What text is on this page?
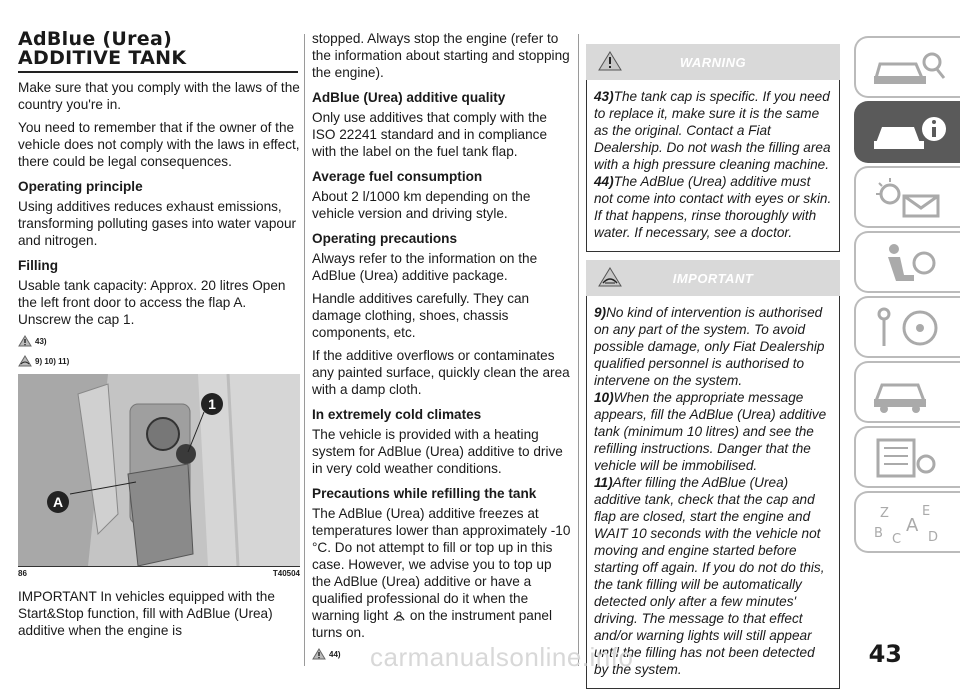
AdBlue (Urea)
ADDITIVE TANK

Make sure that you comply with the laws of the country you're in.

You need to remember that if the owner of the vehicle does not comply with the laws in effect, there could be legal consequences.

Operating principle

Using additives reduces exhaust emissions, transforming polluting gases into water vapour and nitrogen.

Filling

Usable tank capacity: Approx. 20 litres Open the left front door to access the flap A. Unscrew the cap 1.

43)
9) 10) 11)
1
A
86	T40504

IMPORTANT In vehicles equipped with the Start&Stop function, fill with AdBlue (Urea) additive when the engine is

stopped. Always stop the engine (refer to the information about starting and stopping the engine).

AdBlue (Urea) additive quality

Only use additives that comply with the ISO 22241 standard and in compliance with the label on the fuel tank flap.

Average fuel consumption

About 2 l/1000 km depending on the vehicle version and driving style.

Operating precautions

Always refer to the information on the AdBlue (Urea) additive package.

Handle additives carefully. They can damage clothing, shoes, chassis components, etc.

If the additive overflows or contaminates any painted surface, quickly clean the area with a damp cloth.

In extremely cold climates

The vehicle is provided with a heating system for AdBlue (Urea) additive to drive in very cold weather conditions.

Precautions while refilling the tank

The AdBlue (Urea) additive freezes at temperatures lower than approximately -10 °C. Do not attempt to fill or top up in this case. However, we advise you to top up the AdBlue (Urea) additive or have a qualified professional do it when the warning light on the instrument panel turns on.

44)
WARNING

43)The tank cap is specific. If you need to replace it, make sure it is the same as the original. Contact a Fiat Dealership. Do not wash the filling area with a high pressure cleaning machine.

44)The AdBlue (Urea) additive must not come into contact with eyes or skin. If that happens, rinse thoroughly with water. If necessary, see a doctor.

IMPORTANT

9)No kind of intervention is authorised on any part of the system. To avoid possible damage, only Fiat Dealership qualified personnel is authorised to intervene on the system.

10)When the appropriate message appears, fill the AdBlue (Urea) additive tank (minimum 10 litres) and see the refilling instructions. Danger that the vehicle will be immobilised.

11)After filling the AdBlue (Urea) additive tank, check that the cap and flap are closed, start the engine and WAIT 10 seconds with the vehicle not moving and engine started before starting off again. If you do not do this, the tank filling will be automatically detected only after a few minutes' driving. The message to that effect and/or warning lights will still appear until the filling has not been detected by the system.

Z	E
A
B C D
carmanualsonline.info	43
